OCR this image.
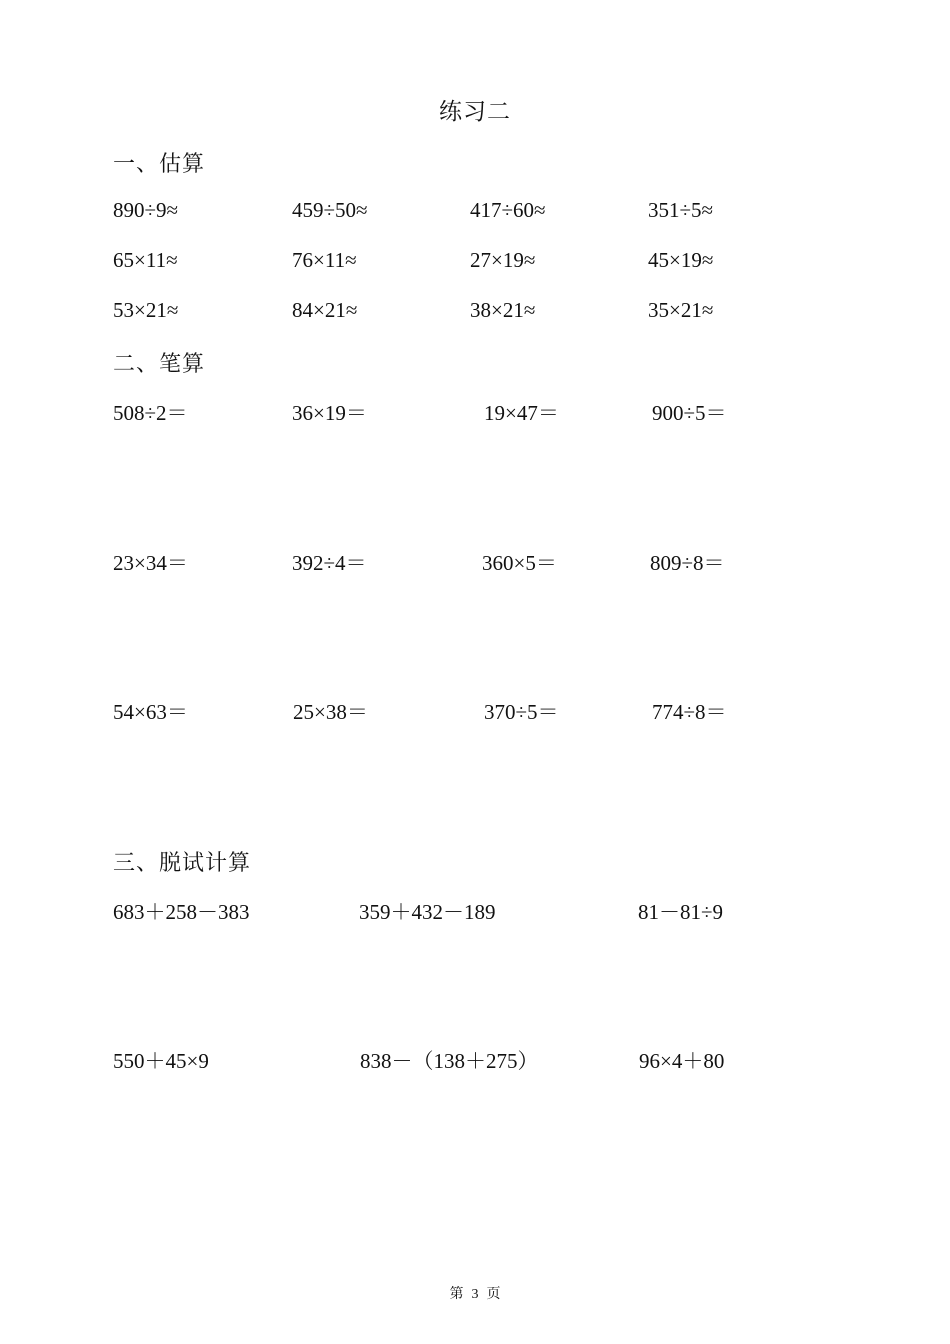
练习二
一、估算
890÷9≈	459÷50≈	417÷60≈	351÷5≈
65×11≈	76×11≈	27×19≈	45×19≈
53×21≈	84×21≈	38×21≈	35×21≈
二、笔算
508÷2＝	36×19＝	19×47＝	900÷5＝
23×34＝	392÷4＝	360×5＝	809÷8＝
54×63＝	25×38＝	370÷5＝	774÷8＝
三、脱试计算
683＋258－383	359＋432－189	81－81÷9
550＋45×9	838－（138＋275）	96×4＋80
第 3 页
